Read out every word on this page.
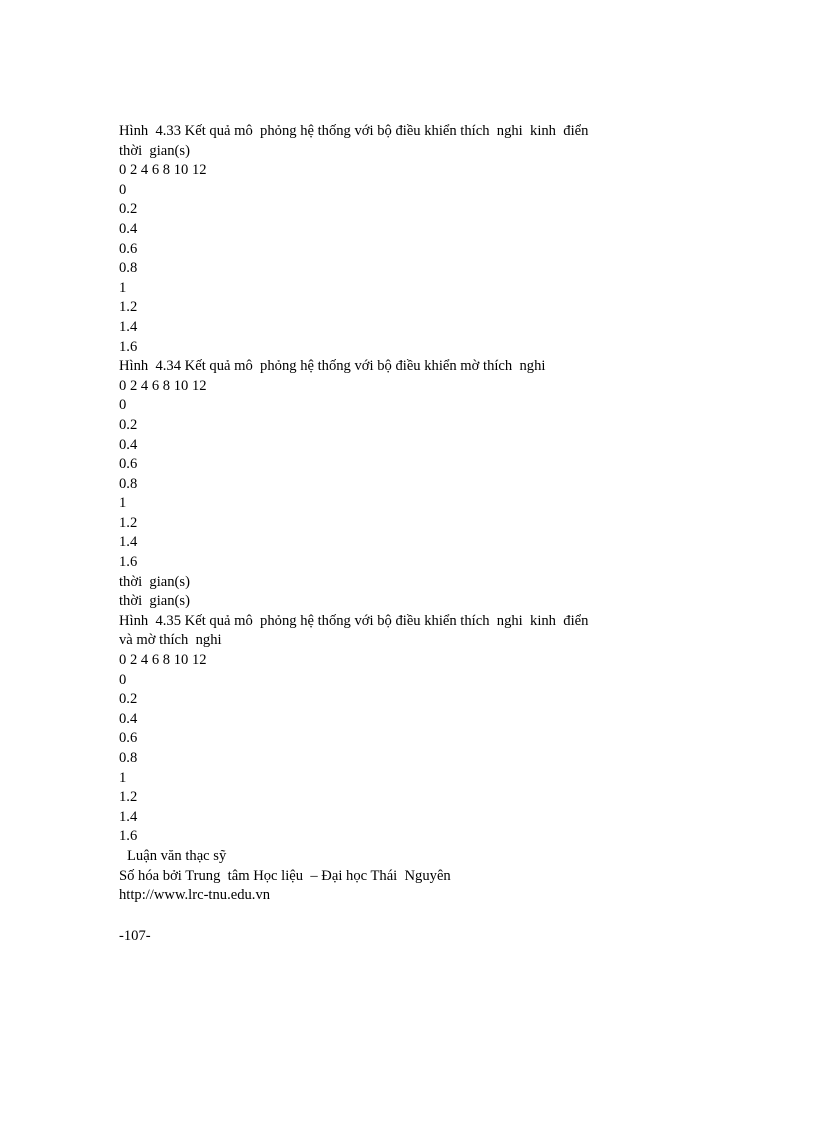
Hình  4.33 Kết quả mô  phỏng hệ thống với bộ điều khiển thích  nghi  kinh  điển
thời  gian(s)
0 2 4 6 8 10 12
0
0.2
0.4
0.6
0.8
1
1.2
1.4
1.6
Hình  4.34 Kết quả mô  phỏng hệ thống với bộ điều khiển mờ thích  nghi
0 2 4 6 8 10 12
0
0.2
0.4
0.6
0.8
1
1.2
1.4
1.6
thời  gian(s)
thời  gian(s)
Hình  4.35 Kết quả mô  phỏng hệ thống với bộ điều khiển thích  nghi  kinh  điển
và mờ thích  nghi
0 2 4 6 8 10 12
0
0.2
0.4
0.6
0.8
1
1.2
1.4
1.6
Luận văn thạc sỹ
Số hóa bởi Trung  tâm Học liệu  – Đại học Thái  Nguyên
http://www.lrc-tnu.edu.vn
-107-
